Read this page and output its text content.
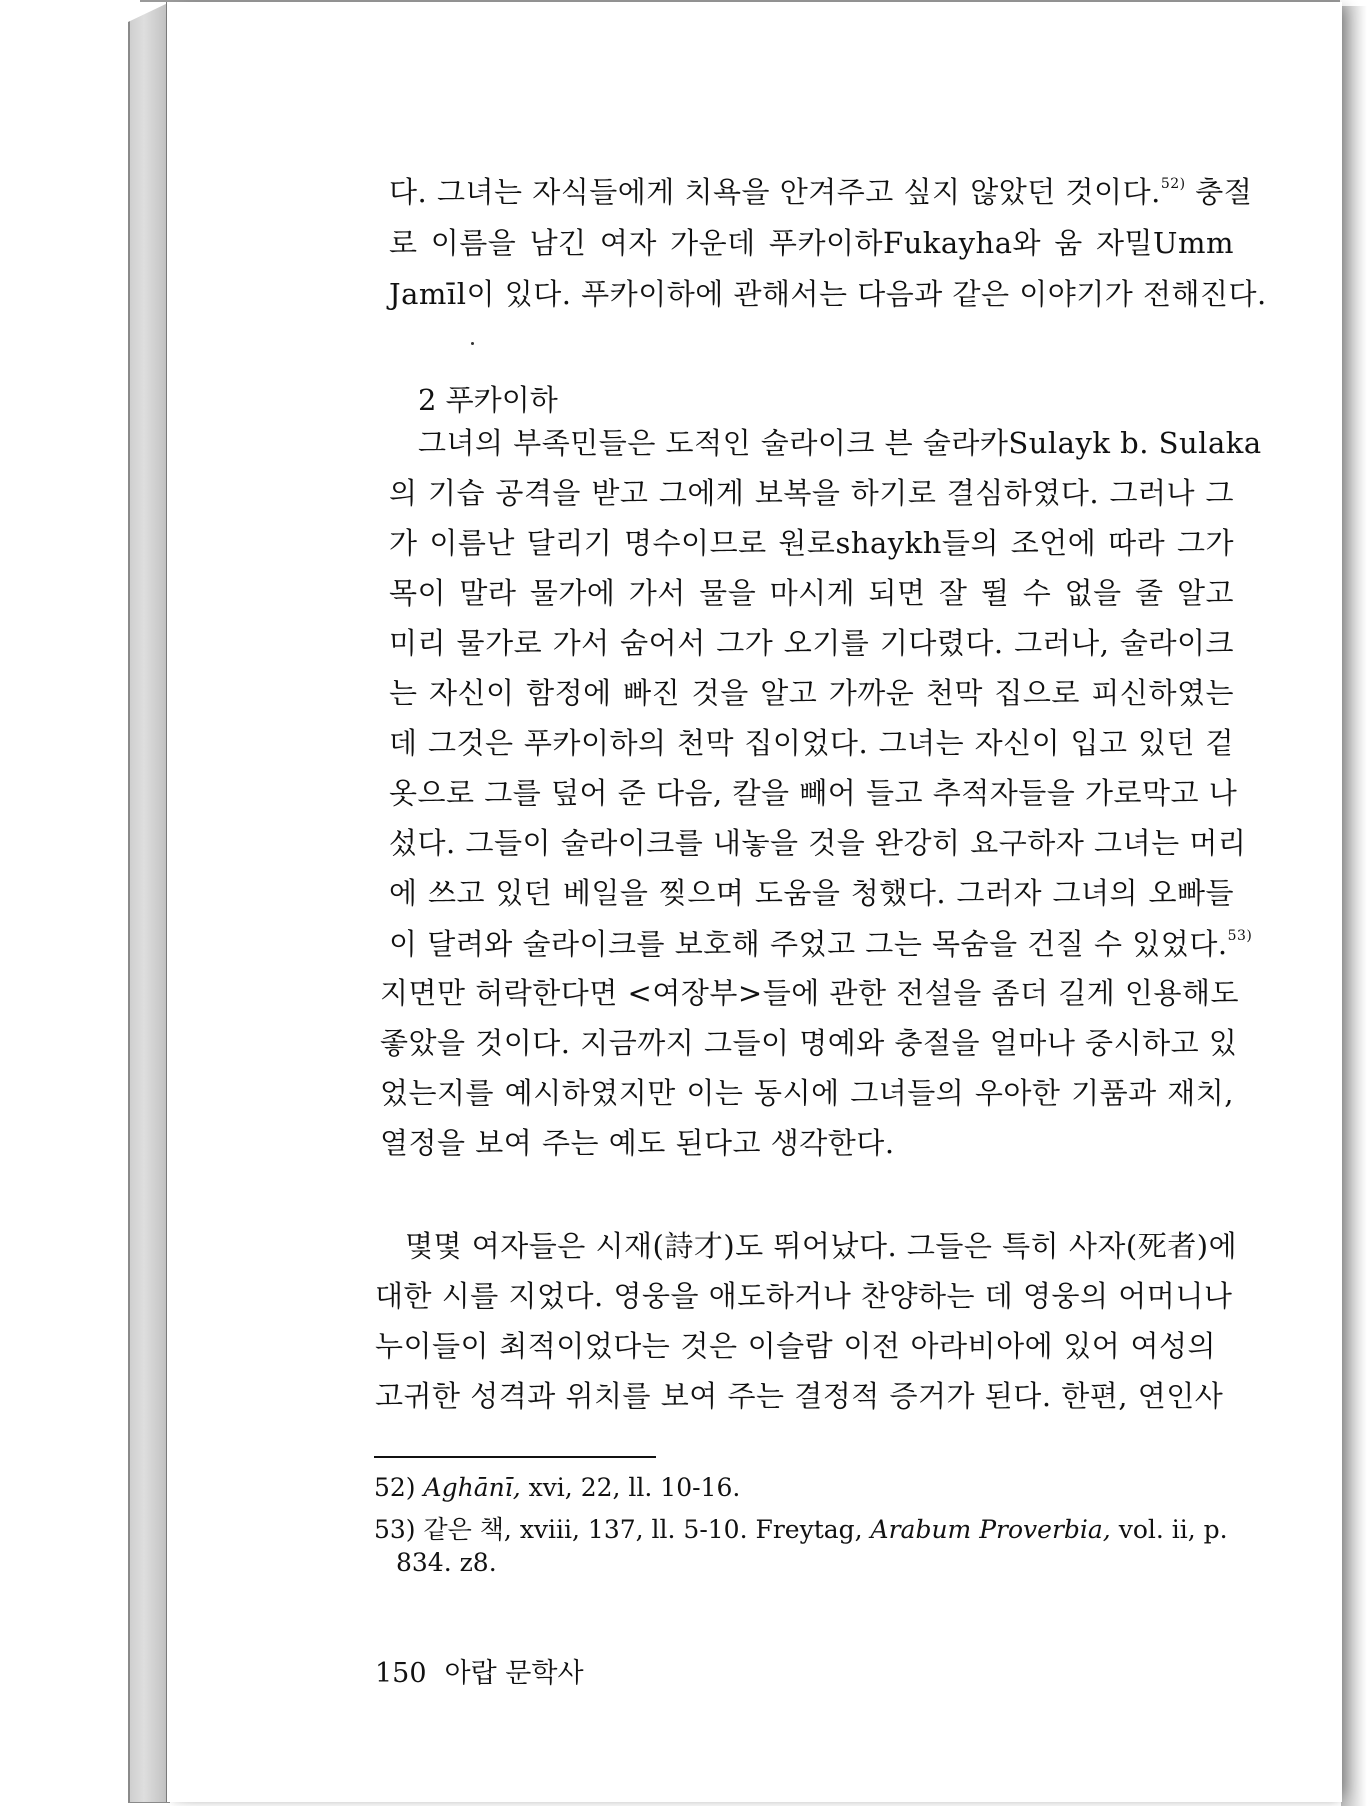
다. 그녀는 자식들에게 치욕을 안겨주고 싶지 않았던 것이다.$^{52)}$ 충절
로 이름을 남긴 여자 가운데 푸카이하Fukayha와 움 자밀Umm
Jamīl이 있다. 푸카이하에 관해서는 다음과 같은 이야기가 전해진다.
2 푸카이하
그녀의 부족민들은 도적인 술라이크 븐 술라카Sulayk b. Sulaka
의 기습 공격을 받고 그에게 보복을 하기로 결심하였다. 그러나 그
가 이름난 달리기 명수이므로 원로shaykh들의 조언에 따라 그가
목이 말라 물가에 가서 물을 마시게 되면 잘 뛸 수 없을 줄 알고
미리 물가로 가서 숨어서 그가 오기를 기다렸다. 그러나, 술라이크
는 자신이 함정에 빠진 것을 알고 가까운 천막 집으로 피신하였는
데 그것은 푸카이하의 천막 집이었다. 그녀는 자신이 입고 있던 겉
옷으로 그를 덮어 준 다음, 칼을 빼어 들고 추적자들을 가로막고 나
섰다. 그들이 술라이크를 내놓을 것을 완강히 요구하자 그녀는 머리
에 쓰고 있던 베일을 찢으며 도움을 청했다. 그러자 그녀의 오빠들
이 달려와 술라이크를 보호해 주었고 그는 목숨을 건질 수 있었다.$^{53)}$
지면만 허락한다면 <여장부>들에 관한 전설을 좀더 길게 인용해도
좋았을 것이다. 지금까지 그들이 명예와 충절을 얼마나 중시하고 있
었는지를 예시하였지만 이는 동시에 그녀들의 우아한 기품과 재치,
열정을 보여 주는 예도 된다고 생각한다.
몇몇 여자들은 시재(詩才)도 뛰어났다. 그들은 특히 사자(死者)에
대한 시를 지었다. 영웅을 애도하거나 찬양하는 데 영웅의 어머니나
누이들이 최적이었다는 것은 이슬람 이전 아라비아에 있어 여성의
고귀한 성격과 위치를 보여 주는 결정적 증거가 된다. 한편, 연인사
52) Aghānī, xvi, 22, ll. 10-16.
53) 같은 책, xviii, 137, ll. 5-10. Freytag, Arabum Proverbia, vol. ii, p.
834. z8.
150 아랍 문학사
